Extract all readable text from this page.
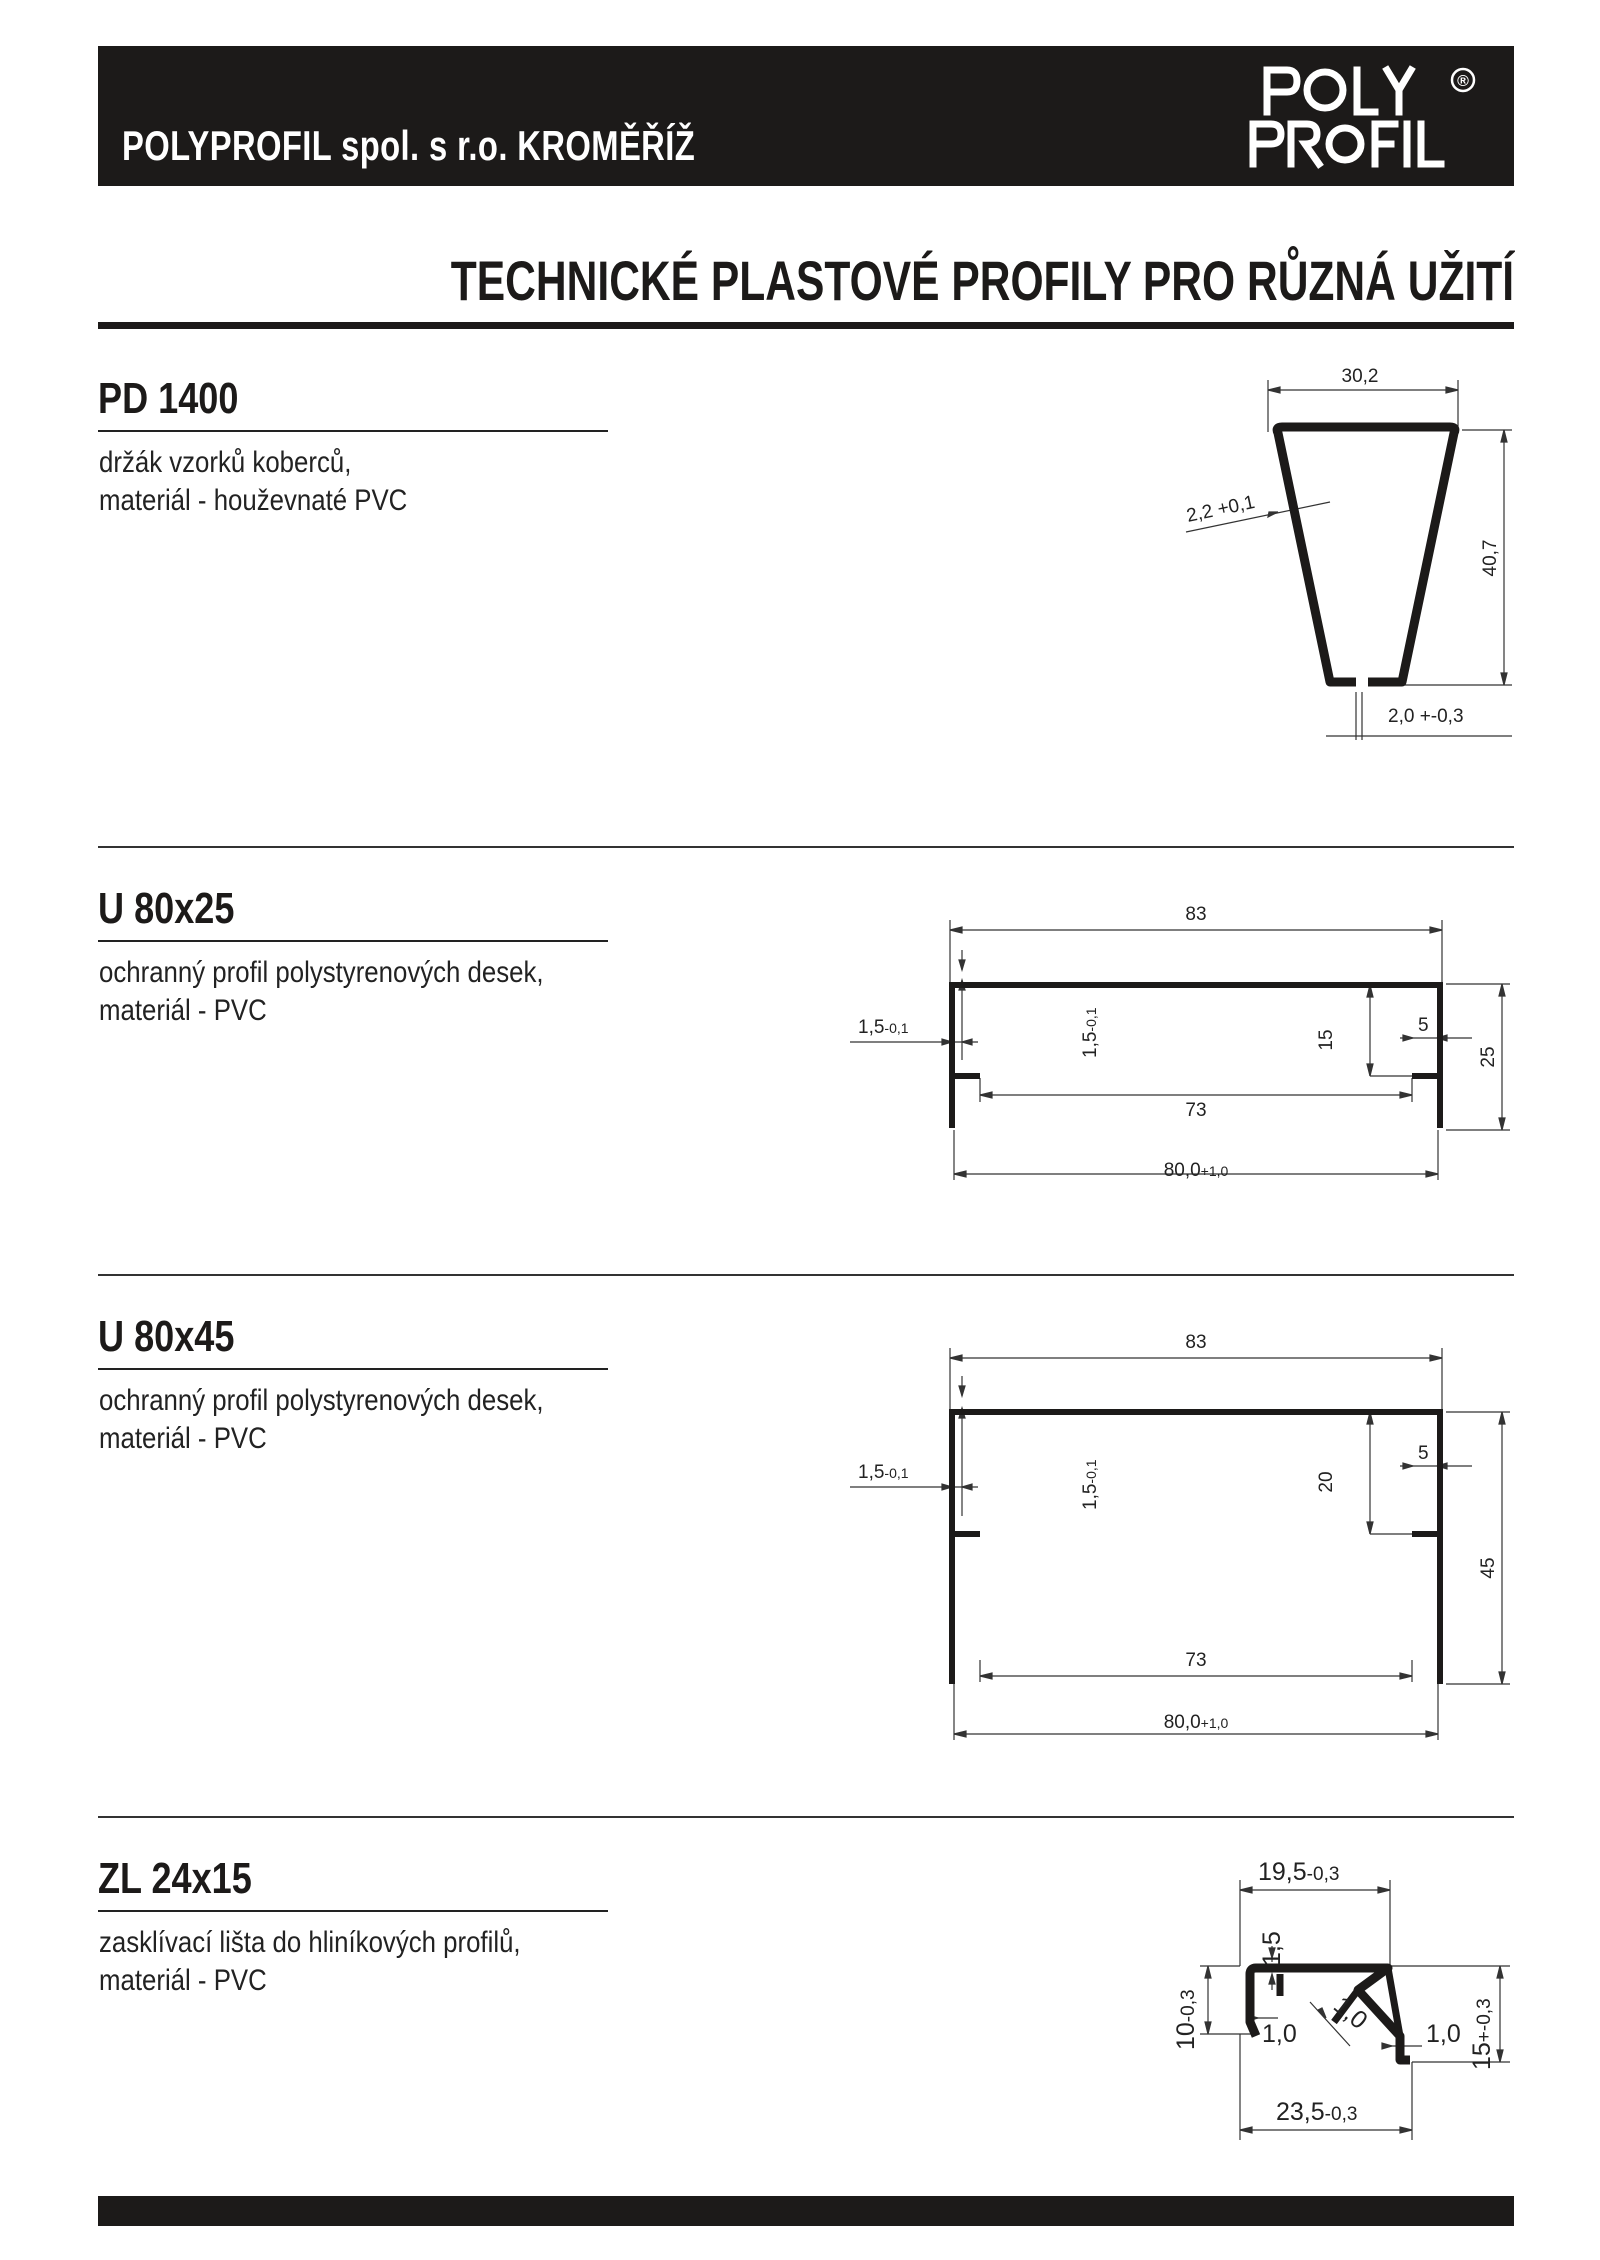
POLYPROFIL spol. s r.o. KROMĚŘÍŽ
®
TECHNICKÉ PLASTOVÉ PROFILY PRO RŮZNÁ UŽITÍ
PD 1400
držák vzorků koberců,
materiál - houževnaté PVC
30,2
2,2 +0,1
40,7
2,0 +-0,3
U 80x25
ochranný profil polystyrenových desek,
materiál - PVC
83
1,5-0,1
1,5-0,1
15
5
25
73
80,0+1,0
U 80x45
ochranný profil polystyrenových desek,
materiál - PVC
83
1,5-0,1
1,5-0,1	20
5
45
73
80,0+1,0
ZL 24x15
zasklívací lišta do hliníkových profilů,
materiál - PVC
19,5-0,3
1,5
10-0,3
1,0 1,0 1,0
15+-0,3
23,5-0,3
